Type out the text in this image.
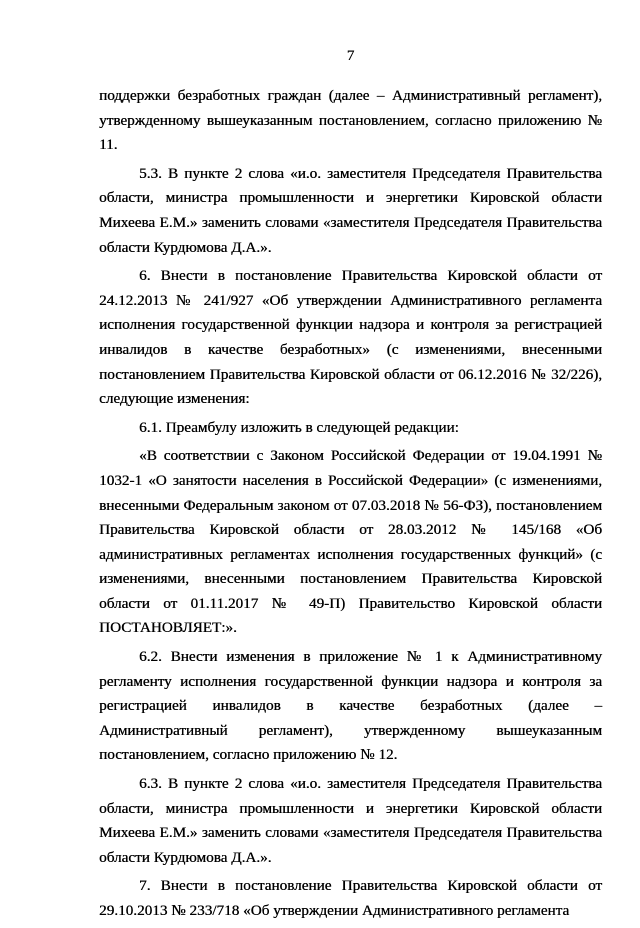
7

поддержки безработных граждан (далее – Административный регламент), утвержденному вышеуказанным постановлением, согласно приложению № 11.

5.3. В пункте 2 слова «и.о. заместителя Председателя Правительства области, министра промышленности и энергетики Кировской области Михеева Е.М.» заменить словами «заместителя Председателя Правительства области Курдюмова Д.А.».

6. Внести в постановление Правительства Кировской области от 24.12.2013 № 241/927 «Об утверждении Административного регламента исполнения государственной функции надзора и контроля за регистрацией инвалидов в качестве безработных» (с изменениями, внесенными постановлением Правительства Кировской области от 06.12.2016 № 32/226), следующие изменения:

6.1. Преамбулу изложить в следующей редакции:

«В соответствии с Законом Российской Федерации от 19.04.1991 № 1032-1 «О занятости населения в Российской Федерации» (с изменениями, внесенными Федеральным законом от 07.03.2018 № 56-ФЗ), постановлением Правительства Кировской области от 28.03.2012 № 145/168 «Об административных регламентах исполнения государственных функций» (с изменениями, внесенными постановлением Правительства Кировской области от 01.11.2017 № 49-П) Правительство Кировской области ПОСТАНОВЛЯЕТ:».

6.2. Внести изменения в приложение № 1 к Административному регламенту исполнения государственной функции надзора и контроля за регистрацией инвалидов в качестве безработных (далее – Административный регламент), утвержденному вышеуказанным постановлением, согласно приложению № 12.

6.3. В пункте 2 слова «и.о. заместителя Председателя Правительства области, министра промышленности и энергетики Кировской области Михеева Е.М.» заменить словами «заместителя Председателя Правительства области Курдюмова Д.А.».

7. Внести в постановление Правительства Кировской области от 29.10.2013 № 233/718 «Об утверждении Административного регламента
